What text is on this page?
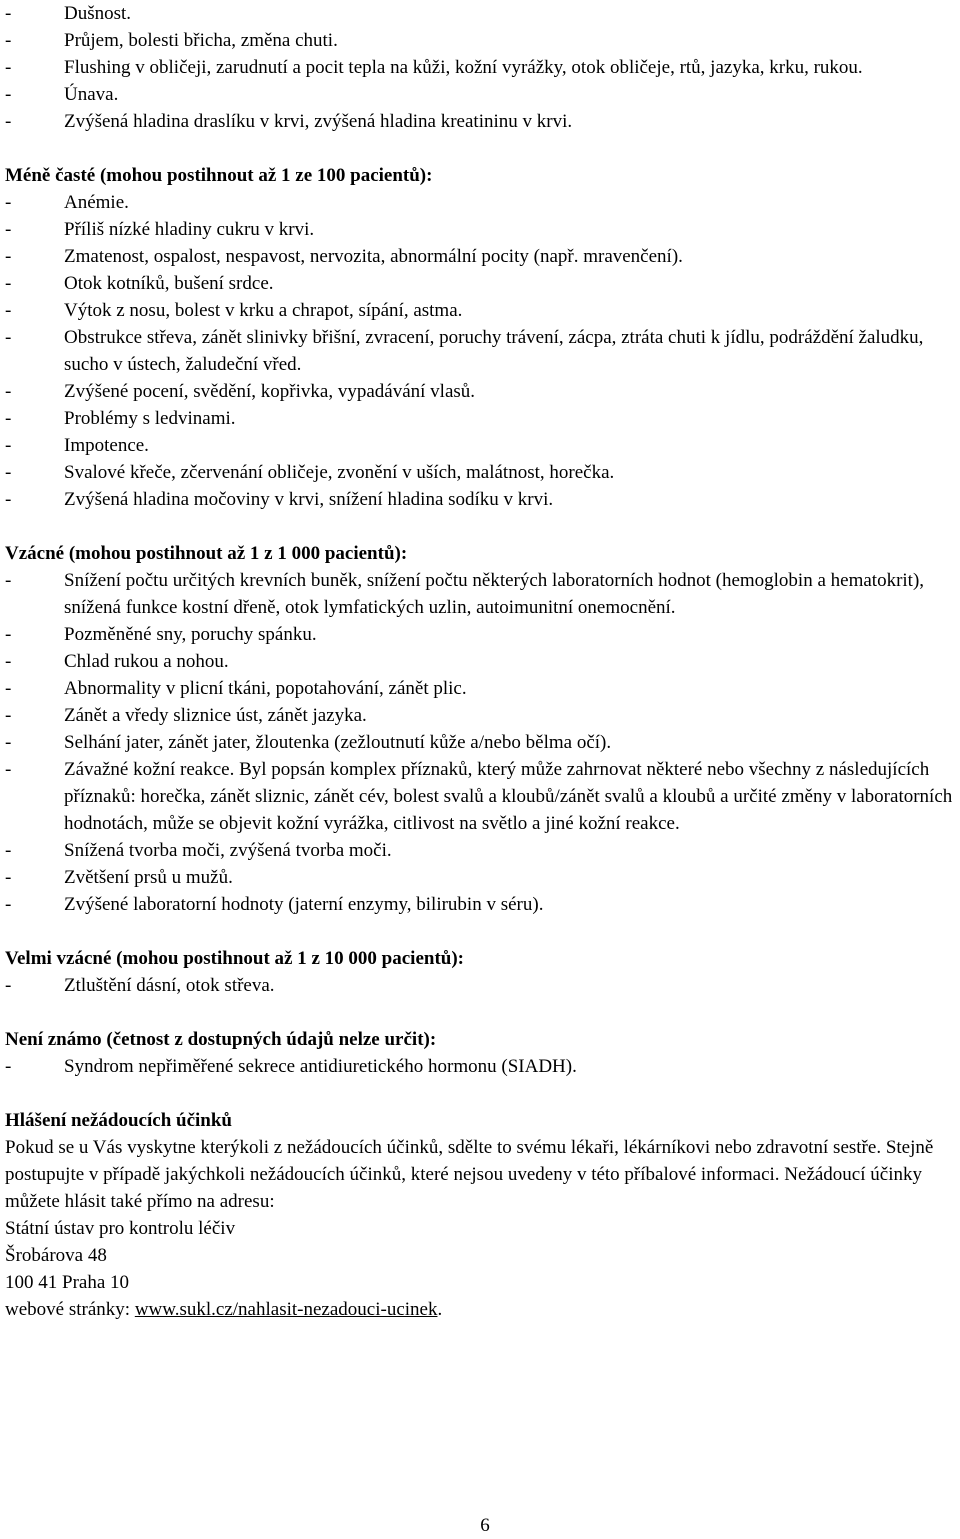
- Dušnost.
- Průjem, bolesti břicha, změna chuti.
- Flushing v obličeji, zarudnutí a pocit tepla na kůži, kožní vyrážky, otok obličeje, rtů, jazyka, krku, rukou.
- Únava.
- Zvýšená hladina draslíku v krvi, zvýšená hladina kreatininu v krvi.

Méně časté (mohou postihnout až 1 ze 100 pacientů):

- Anémie.
- Příliš nízké hladiny cukru v krvi.
- Zmatenost, ospalost, nespavost, nervozita, abnormální pocity (např. mravenčení).
- Otok kotníků, bušení srdce.
- Výtok z nosu, bolest v krku a chrapot, sípání, astma.
- Obstrukce střeva, zánět slinivky břišní, zvracení, poruchy trávení, zácpa, ztráta chuti k jídlu, podráždění žaludku, sucho v ústech, žaludeční vřed.
- Zvýšené pocení, svědění, kopřivka, vypadávání vlasů.
- Problémy s ledvinami.
- Impotence.
- Svalové křeče, zčervenání obličeje, zvonění v uších, malátnost, horečka.
- Zvýšená hladina močoviny v krvi, snížení hladina sodíku v krvi.

Vzácné (mohou postihnout až 1 z 1 000 pacientů):

- Snížení počtu určitých krevních buněk, snížení počtu některých laboratorních hodnot (hemoglobin a hematokrit), snížená funkce kostní dřeně, otok lymfatických uzlin, autoimunitní onemocnění.
- Pozměněné sny, poruchy spánku.
- Chlad rukou a nohou.
- Abnormality v plicní tkáni, popotahování, zánět plic.
- Zánět a vředy sliznice úst, zánět jazyka.
- Selhání jater, zánět jater, žloutenka (zežloutnutí kůže a/nebo bělma očí).
- Závažné kožní reakce. Byl popsán komplex příznaků, který může zahrnovat některé nebo všechny z následujících příznaků: horečka, zánět sliznic, zánět cév, bolest svalů a kloubů/zánět svalů a kloubů a určité změny v laboratorních hodnotách, může se objevit kožní vyrážka, citlivost na světlo a jiné kožní reakce.
- Snížená tvorba moči, zvýšená tvorba moči.
- Zvětšení prsů u mužů.
- Zvýšené laboratorní hodnoty (jaterní enzymy, bilirubin v séru).

Velmi vzácné (mohou postihnout až 1 z 10 000 pacientů):

- Ztluštění dásní, otok střeva.

Není známo (četnost z dostupných údajů nelze určit):

- Syndrom nepřiměřené sekrece antidiuretického hormonu (SIADH).

Hlášení nežádoucích účinků

Pokud se u Vás vyskytne kterýkoli z nežádoucích účinků, sdělte to svému lékaři, lékárníkovi nebo zdravotní sestře. Stejně postupujte v případě jakýchkoli nežádoucích účinků, které nejsou uvedeny v této příbalové informaci. Nežádoucí účinky můžete hlásit také přímo na adresu:

Státní ústav pro kontrolu léčiv

Šrobárova 48

100 41 Praha 10

webové stránky: www.sukl.cz/nahlasit-nezadouci-ucinek.

6
